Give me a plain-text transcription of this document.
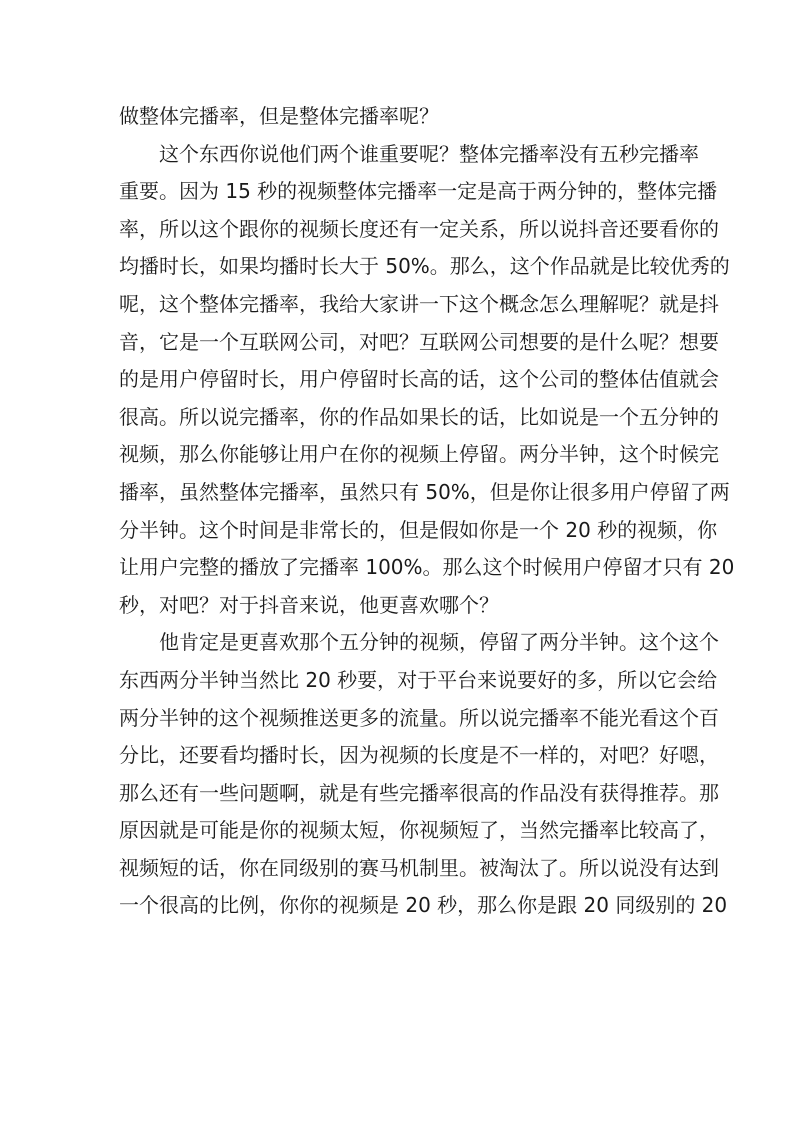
做整体完播率，但是整体完播率呢？
这个东西你说他们两个谁重要呢？整体完播率没有五秒完播率
重要。因为 15 秒的视频整体完播率一定是高于两分钟的，整体完播
率，所以这个跟你的视频长度还有一定关系，所以说抖音还要看你的
均播时长，如果均播时长大于 50%。那么，这个作品就是比较优秀的
呢，这个整体完播率，我给大家讲一下这个概念怎么理解呢？就是抖
音，它是一个互联网公司，对吧？互联网公司想要的是什么呢？想要
的是用户停留时长，用户停留时长高的话，这个公司的整体估值就会
很高。所以说完播率，你的作品如果长的话，比如说是一个五分钟的
视频，那么你能够让用户在你的视频上停留。两分半钟，这个时候完
播率，虽然整体完播率，虽然只有 50%，但是你让很多用户停留了两
分半钟。这个时间是非常长的，但是假如你是一个 20 秒的视频，你
让用户完整的播放了完播率 100%。那么这个时候用户停留才只有 20
秒，对吧？对于抖音来说，他更喜欢哪个？
他肯定是更喜欢那个五分钟的视频，停留了两分半钟。这个这个
东西两分半钟当然比 20 秒要，对于平台来说要好的多，所以它会给
两分半钟的这个视频推送更多的流量。所以说完播率不能光看这个百
分比，还要看均播时长，因为视频的长度是不一样的，对吧？好嗯，
那么还有一些问题啊，就是有些完播率很高的作品没有获得推荐。那
原因就是可能是你的视频太短，你视频短了，当然完播率比较高了，
视频短的话，你在同级别的赛马机制里。被淘汰了。所以说没有达到
一个很高的比例，你你的视频是 20 秒，那么你是跟 20 同级别的 20
